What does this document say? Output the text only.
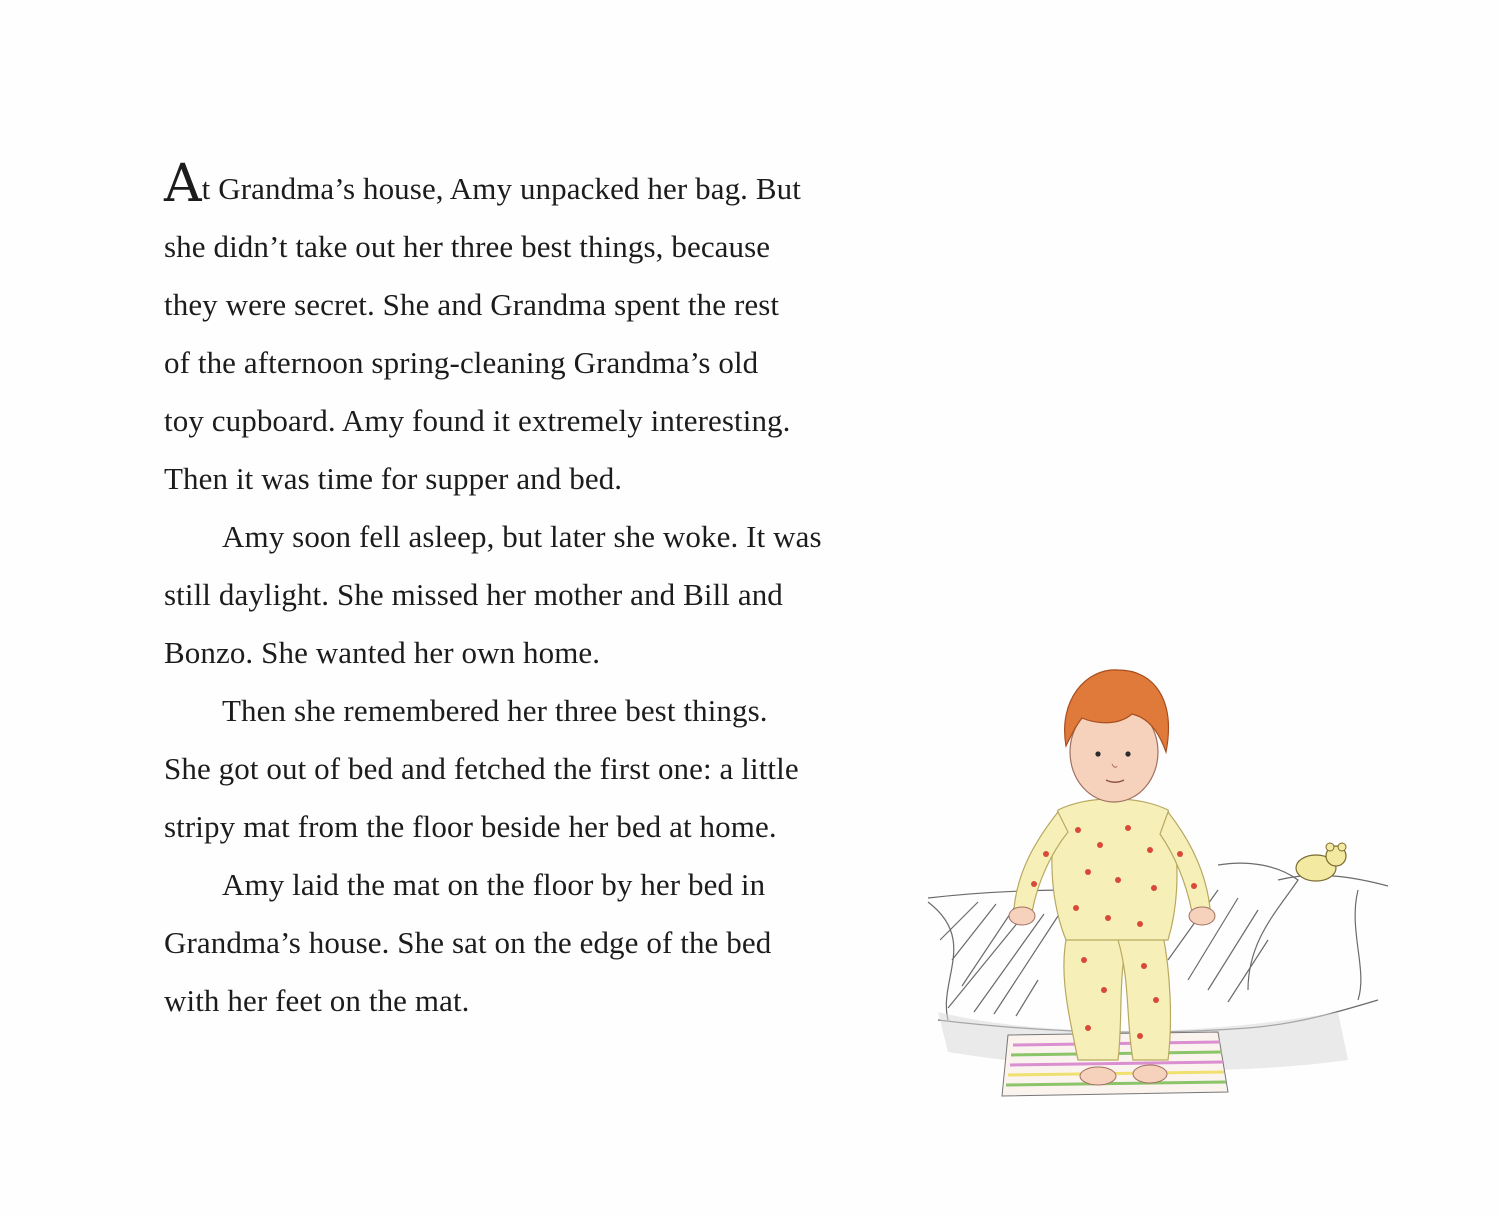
At Grandma’s house, Amy unpacked her bag. But
she didn’t take out her three best things, because
they were secret. She and Grandma spent the rest
of the afternoon spring-cleaning Grandma’s old
toy cupboard. Amy found it extremely interesting.
Then it was time for supper and bed.
Amy soon fell asleep, but later she woke. It was
still daylight. She missed her mother and Bill and
Bonzo. She wanted her own home.
Then she remembered her three best things.
She got out of bed and fetched the first one: a little
stripy mat from the floor beside her bed at home.
Amy laid the mat on the floor by her bed in
Grandma’s house. She sat on the edge of the bed
with her feet on the mat.
